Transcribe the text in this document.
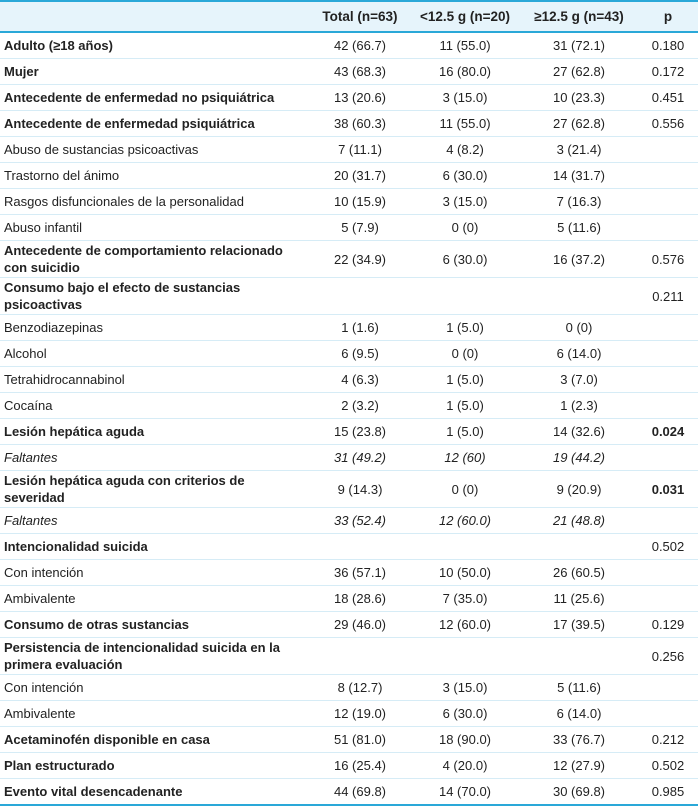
	Total (n=63)	<12.5 g (n=20)	≥12.5 g (n=43)	p
Adulto (≥18 años)	42 (66.7)	11 (55.0)	31 (72.1)	0.180
Mujer	43 (68.3)	16 (80.0)	27 (62.8)	0.172
Antecedente de enfermedad no psiquiátrica	13 (20.6)	3 (15.0)	10 (23.3)	0.451
Antecedente de enfermedad psiquiátrica	38 (60.3)	11 (55.0)	27 (62.8)	0.556
Abuso de sustancias psicoactivas	7 (11.1)	4 (8.2)	3 (21.4)	
Trastorno del ánimo	20 (31.7)	6 (30.0)	14 (31.7)	
Rasgos disfuncionales de la personalidad	10 (15.9)	3 (15.0)	7 (16.3)	
Abuso infantil	5 (7.9)	0 (0)	5 (11.6)	
Antecedente de comportamiento relacionado con suicidio	22 (34.9)	6 (30.0)	16 (37.2)	0.576
Consumo bajo el efecto de sustancias psicoactivas				0.211
Benzodiazepinas	1 (1.6)	1 (5.0)	0 (0)	
Alcohol	6 (9.5)	0 (0)	6 (14.0)	
Tetrahidrocannabinol	4 (6.3)	1 (5.0)	3 (7.0)	
Cocaína	2 (3.2)	1 (5.0)	1 (2.3)	
Lesión hepática aguda	15 (23.8)	1 (5.0)	14 (32.6)	0.024
Faltantes	31 (49.2)	12 (60)	19 (44.2)	
Lesión hepática aguda con criterios de severidad	9 (14.3)	0 (0)	9 (20.9)	0.031
Faltantes	33 (52.4)	12 (60.0)	21 (48.8)	
Intencionalidad suicida				0.502
Con intención	36 (57.1)	10 (50.0)	26 (60.5)	
Ambivalente	18 (28.6)	7 (35.0)	11 (25.6)	
Consumo de otras sustancias	29 (46.0)	12 (60.0)	17 (39.5)	0.129
Persistencia de intencionalidad suicida en la primera evaluación				0.256
Con intención	8 (12.7)	3 (15.0)	5 (11.6)	
Ambivalente	12 (19.0)	6 (30.0)	6 (14.0)	
Acetaminofén disponible en casa	51 (81.0)	18 (90.0)	33 (76.7)	0.212
Plan estructurado	16 (25.4)	4 (20.0)	12 (27.9)	0.502
Evento vital desencadenante	44 (69.8)	14 (70.0)	30 (69.8)	0.985
